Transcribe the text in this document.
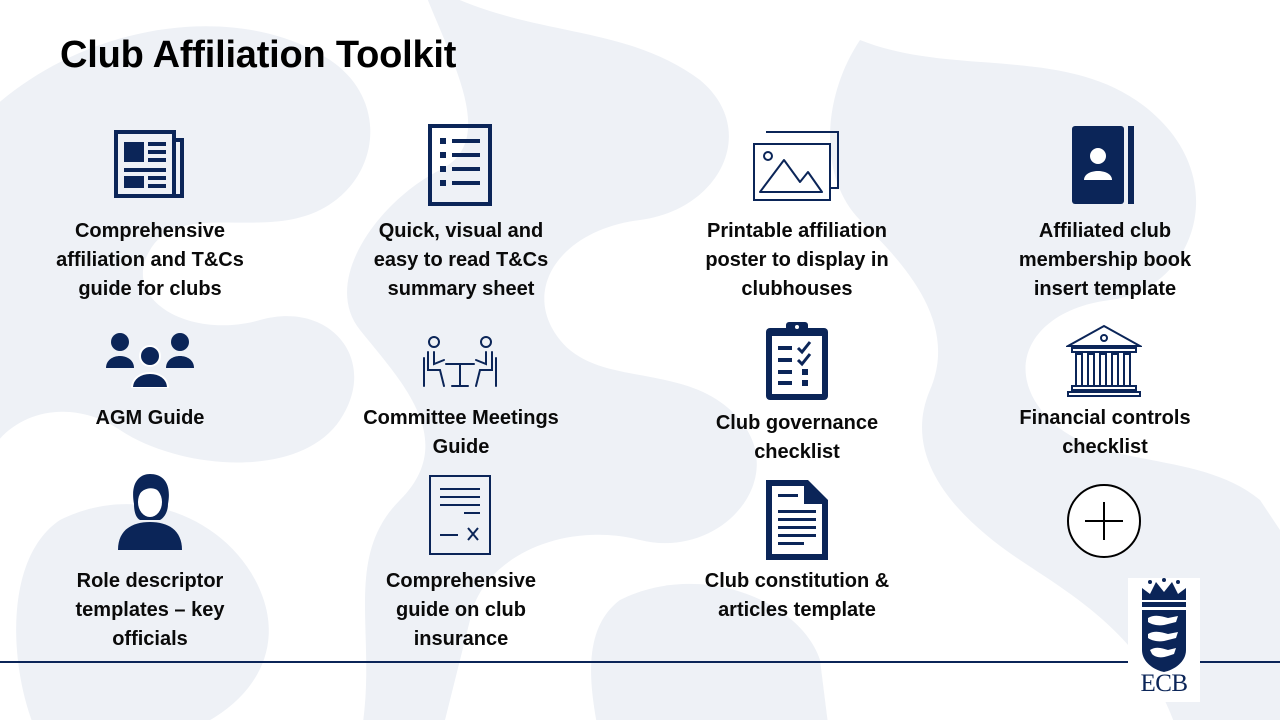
Club Affiliation Toolkit
Comprehensive
affiliation and T&Cs
guide for clubs
Quick, visual and
easy to read T&Cs
summary sheet
Printable affiliation
poster to display in
clubhouses
Affiliated club
membership book
insert template
AGM Guide	Committee Meetings
Guide
Club governance
checklist
Financial controls
checklist
Role descriptor
templates – key
officials
Comprehensive
guide on club
insurance
Club constitution &
articles template
ECB
